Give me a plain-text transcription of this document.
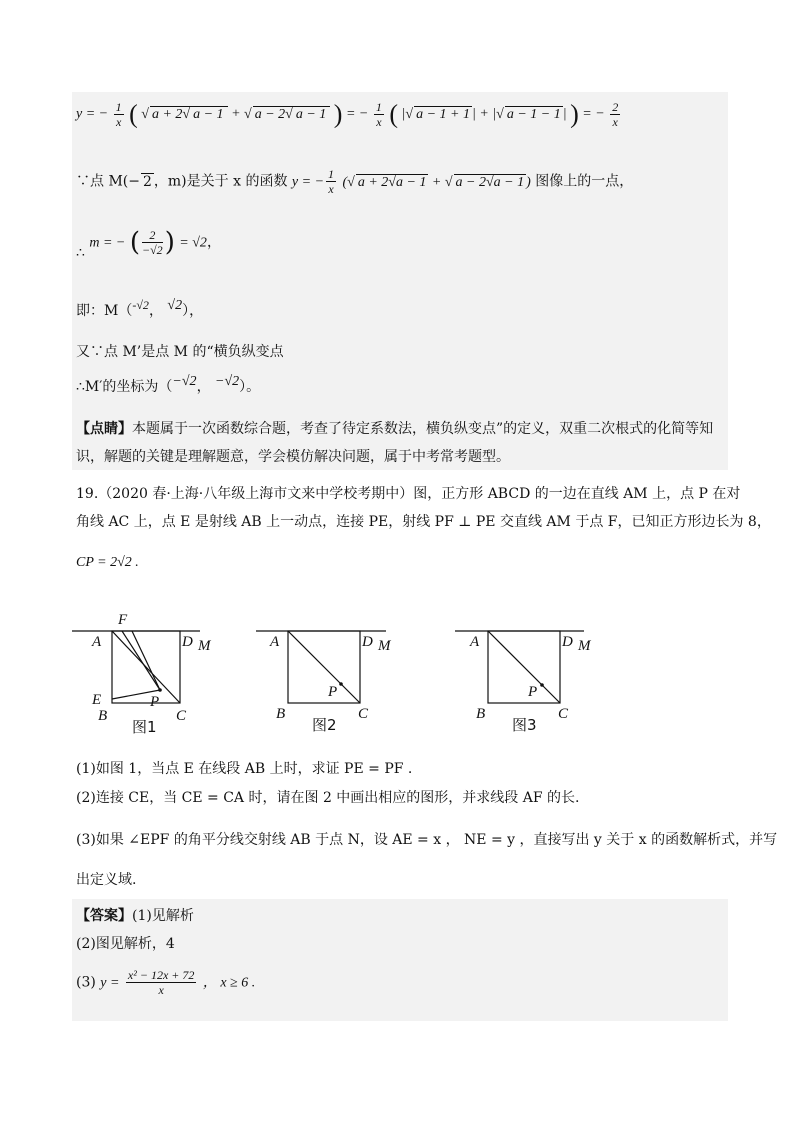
y = − $\frac{1}{x}$ ( √ a + 2 √ a − 1 + √ a − 2 √ a − 1 ) = − $\frac{1}{x}$ ( | √ a − 1 + 1 | + | √ a − 1 − 1 | ) = − $\frac{2}{x}$
∵点 M(− 2 ，m)是关于 x 的函数 y = − $\frac{1}{x}$ ( √ a + 2√a − 1 + √ a − 2√a − 1 ) 图像上的一点，
∴ m = − ( $\frac{2}{-√2}$ ) = √2，
即：M（-√2， √2），
又∵点 M’是点 M 的“横负纵变点
∴M′的坐标为（−√2， −√2）。
【点睛】本题属于一次函数综合题，考查了待定系数法，横负纵变点”的定义，双重二次根式的化简等知
识，解题的关键是理解题意，学会模仿解决问题，属于中考常考题型。
19.（2020 春·上海·八年级上海市文来中学校考期中）图，正方形 ABCD 的一边在直线 AM 上，点 P 在对
角线 AC 上，点 E 是射线 AB 上一动点，连接 PE，射线 PF ⊥ PE 交直线 AM 于点 F，已知正方形边长为 8，
CP = 2√2 .
F
A	D M
E	P
B	C
图1
A	D M
P
B	C
图2
A	D M
P
B	C
图3
(1)如图 1，当点 E 在线段 AB 上时，求证 PE = PF .
(2)连接 CE，当 CE = CA 时，请在图 2 中画出相应的图形，并求线段 AF 的长.
(3)如果 ∠EPF 的角平分线交射线 AB 于点 N，设 AE = x ， NE = y ，直接写出 y 关于 x 的函数解析式，并写
出定义域.
【答案】(1)见解析
(2)图见解析，4
(3) $y = \frac{\text{x² − 12x + 72}}{x}$ ， x ≥ 6 .
